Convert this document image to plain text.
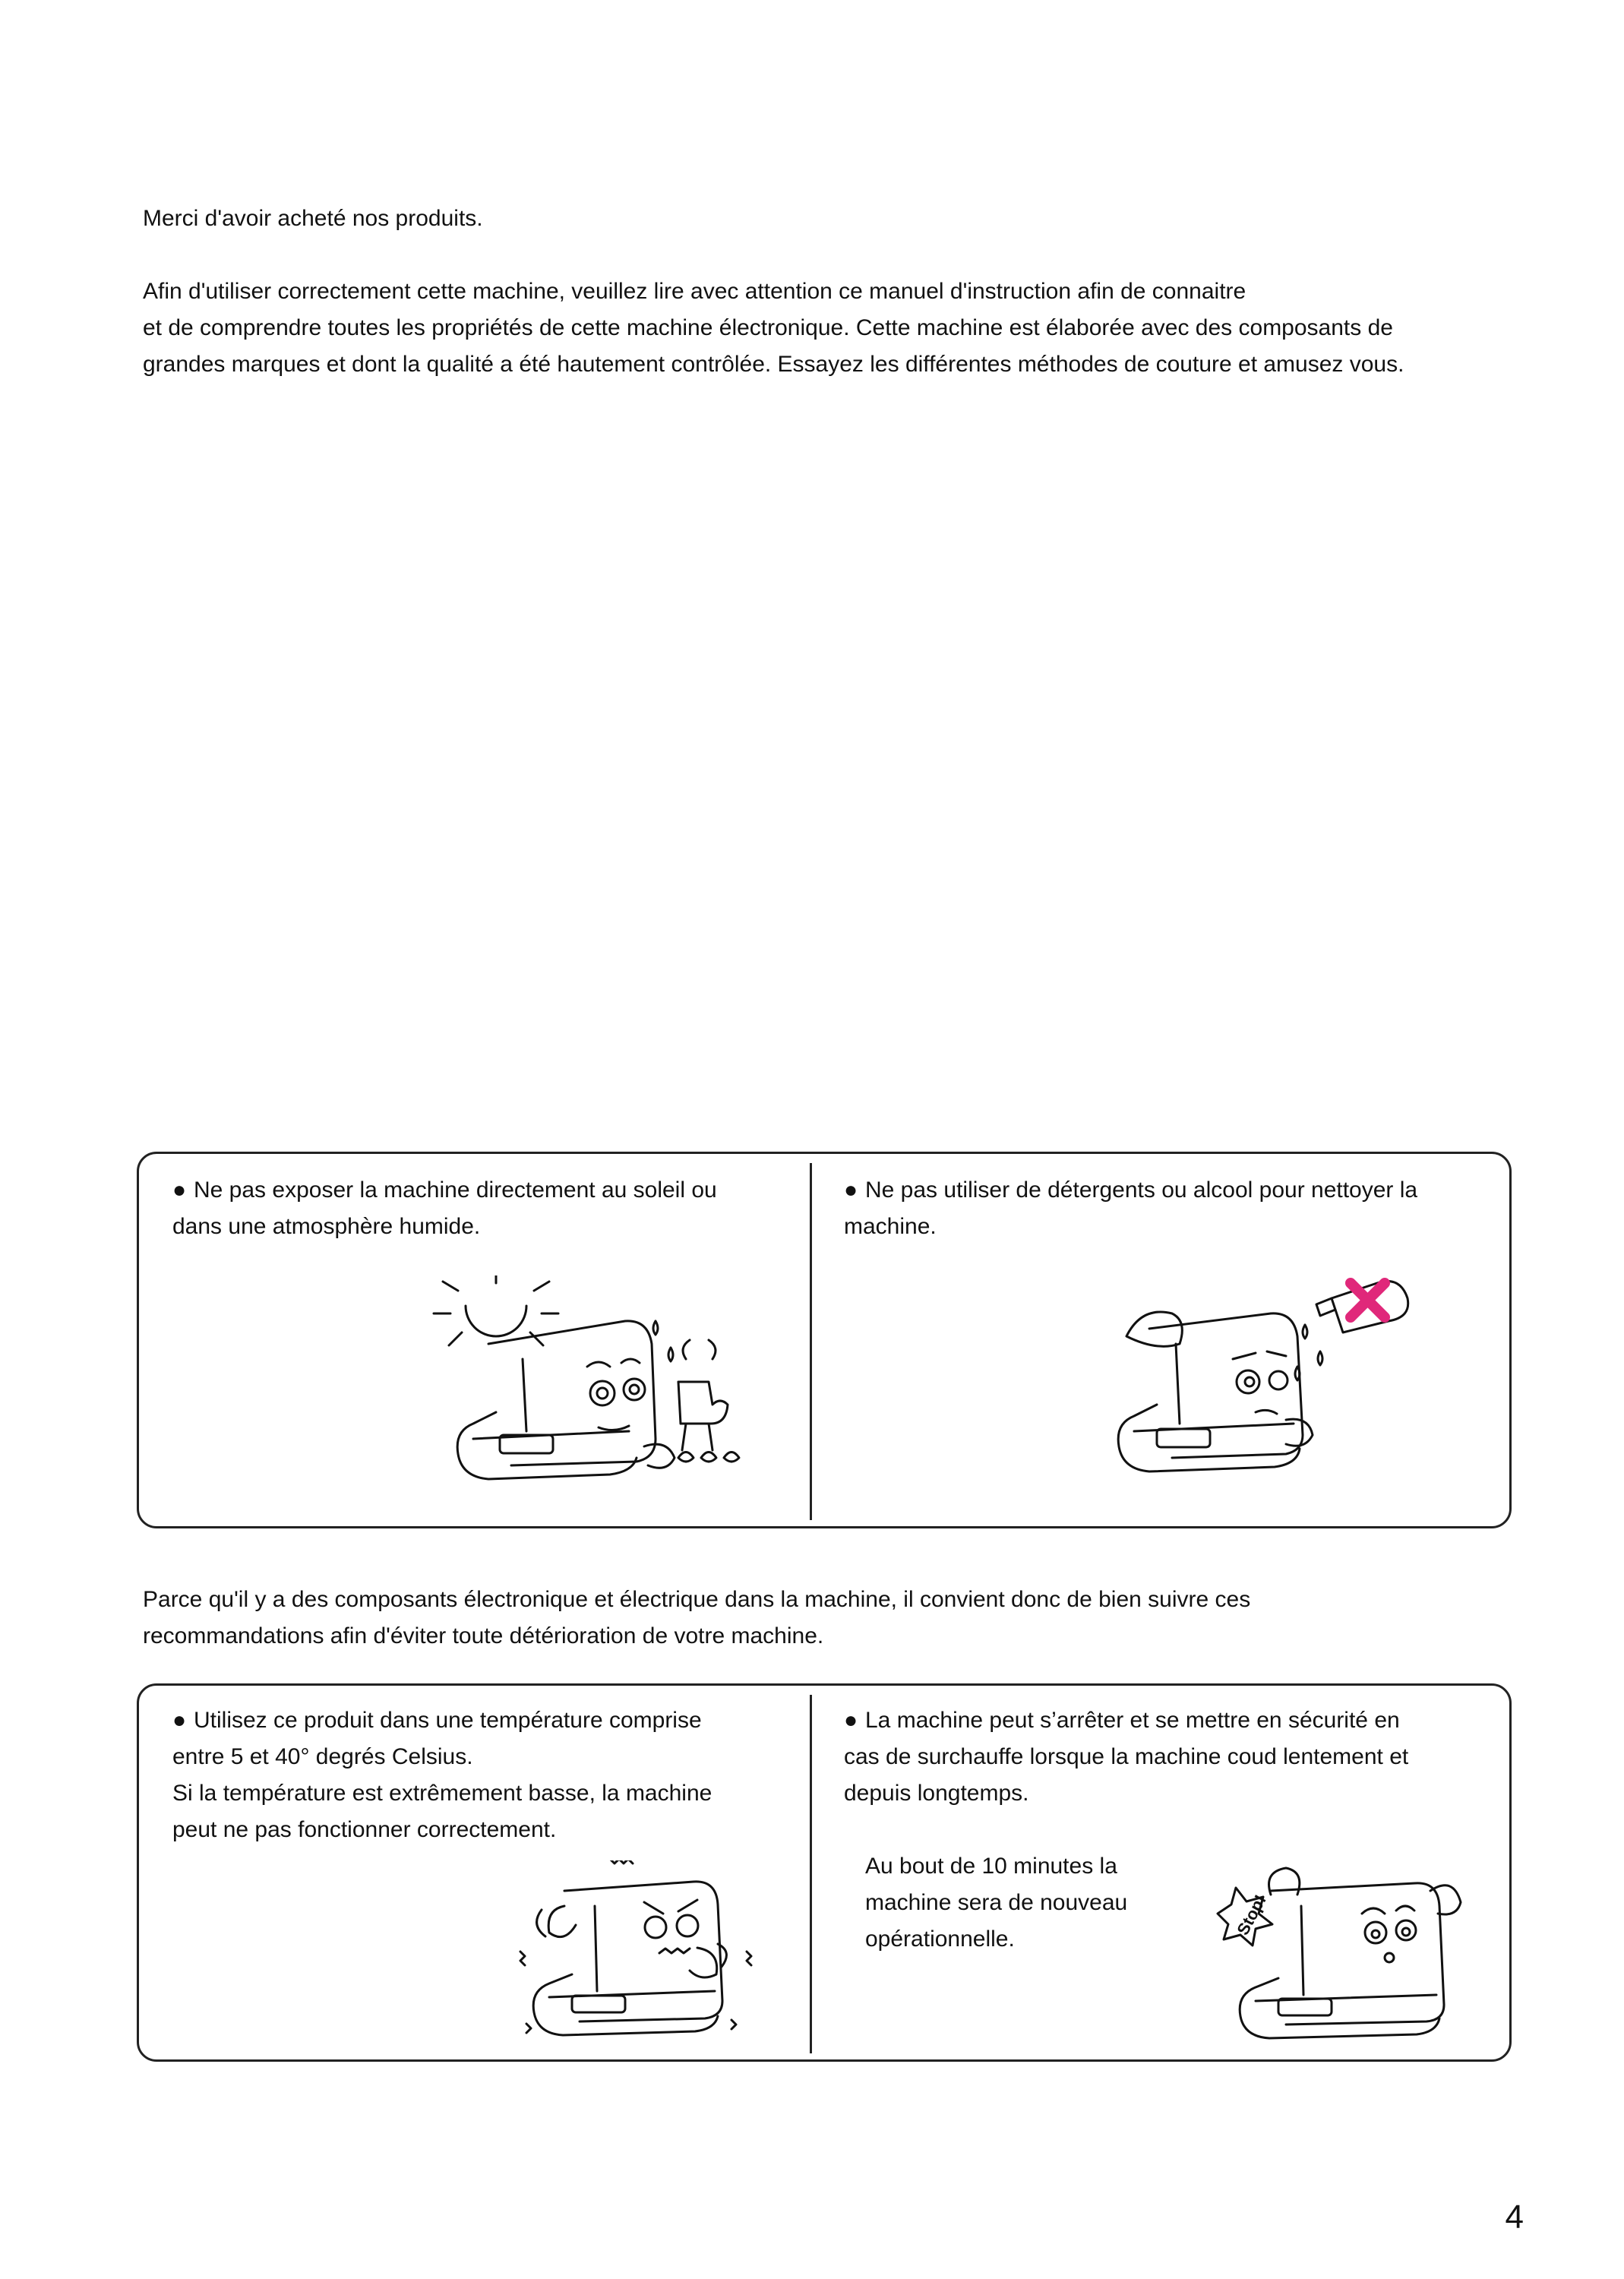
Merci d'avoir acheté nos produits.

Afin d'utiliser correctement cette machine, veuillez lire avec attention ce manuel d'instruction afin de connaitre
et de comprendre toutes les propriétés de cette machine électronique. Cette machine est élaborée avec des composants de
grandes marques et dont la qualité a été hautement contrôlée. Essayez les différentes méthodes de couture et amusez vous.

● Ne pas exposer la machine directement au soleil ou
dans une atmosphère humide.
● Ne pas utiliser de détergents ou alcool pour nettoyer la
machine.

Parce qu'il y a des composants électronique et électrique dans la machine, il convient donc de bien suivre ces
recommandations afin d'éviter toute détérioration de votre machine.

● Utilisez ce produit dans une température comprise
entre 5 et 40° degrés Celsius.
Si la température est extrêmement basse, la machine
peut ne pas fonctionner correctement.
● La machine peut s’arrêter et se mettre en sécurité en
cas de surchauffe lorsque la machine coud lentement et
depuis longtemps.
Au bout de 10 minutes la
machine sera de nouveau
opérationnelle.
Stop!
4
